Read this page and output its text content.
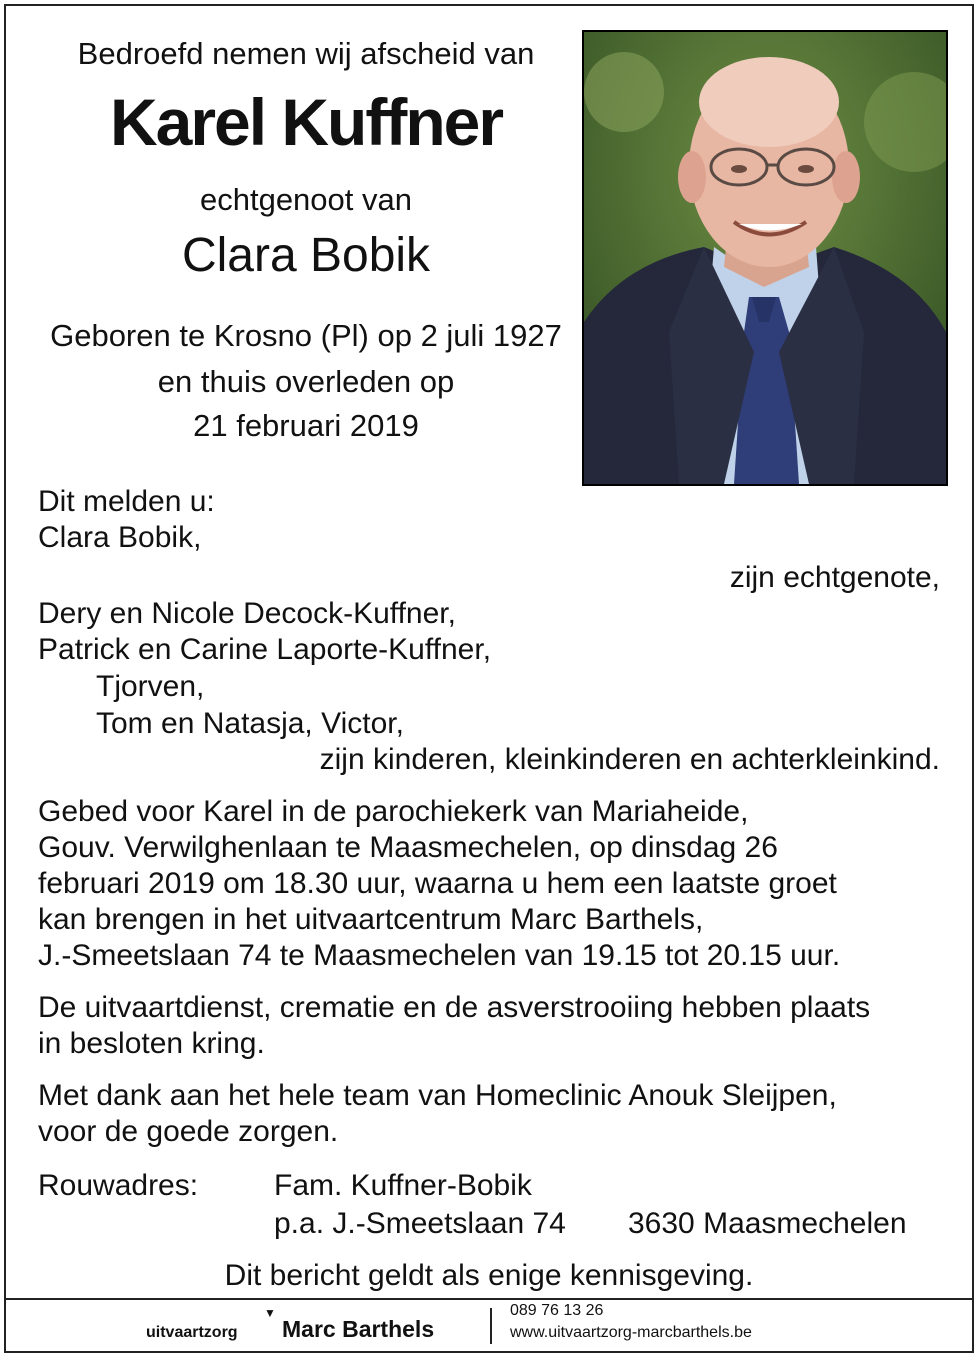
Bedroefd nemen wij afscheid van
Karel Kuffner
echtgenoot van
Clara Bobik
Geboren te Krosno (Pl) op 2 juli 1927
en thuis overleden op
21 februari 2019
Dit melden u:
Clara Bobik,
zijn echtgenote,
Dery en Nicole Decock-Kuffner,
Patrick en Carine Laporte-Kuffner,
Tjorven,
Tom en Natasja, Victor,
zijn kinderen, kleinkinderen en achterkleinkind.
Gebed voor Karel in de parochiekerk van Mariaheide,
Gouv. Verwilghenlaan te Maasmechelen, op dinsdag 26
februari 2019 om 18.30 uur, waarna u hem een laatste groet
kan brengen in het uitvaartcentrum Marc Barthels,
J.-Smeetslaan 74 te Maasmechelen van 19.15 tot 20.15 uur.
De uitvaartdienst, crematie en de asverstrooiing hebben plaats
in besloten kring.
Met dank aan het hele team van Homeclinic Anouk Sleijpen,
voor de goede zorgen.
Rouwadres:	Fam. Kuffner-Bobik
p.a. J.-Smeetslaan 74 3630 Maasmechelen
Dit bericht geldt als enige kennisgeving.
uitvaartzorg
▼
Marc Barthels
089 76 13 26
www.uitvaartzorg-marcbarthels.be
